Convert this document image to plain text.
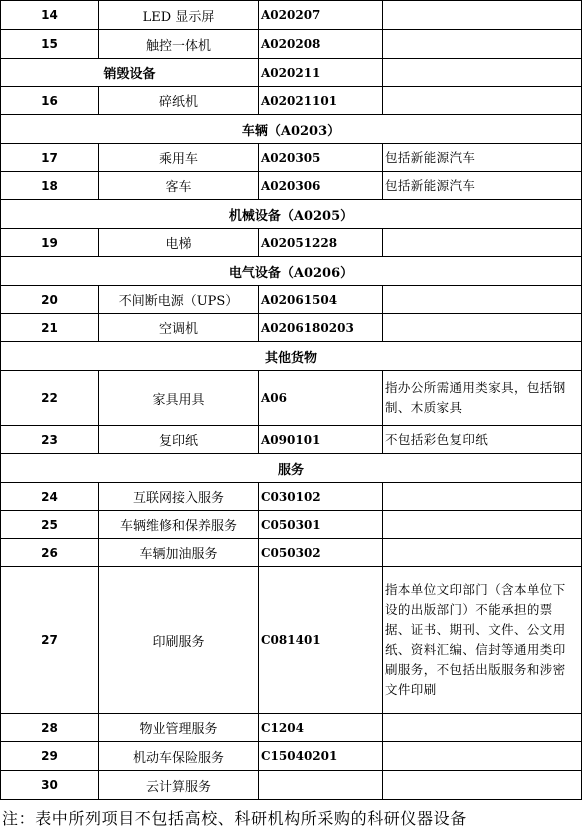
14	LED 显示屏	A020207	
15	触控一体机	A020208	
销毁设备		A020211	
16	碎纸机	A02021101	
车辆（A0203）			
17	乘用车	A020305	包括新能源汽车
18	客车	A020306	包括新能源汽车
机械设备（A0205）			
19	电梯	A02051228	
电气设备（A0206）			
20	不间断电源（UPS）	A02061504	
21	空调机	A0206180203	
其他货物			
22	家具用具	A06	指办公所需通用类家具，包括钢制、木质家具
23	复印纸	A090101	不包括彩色复印纸
服务			
24	互联网接入服务	C030102	
25	车辆维修和保养服务	C050301	
26	车辆加油服务	C050302	
27	印刷服务	C081401	指本单位文印部门（含本单位下设的出版部门）不能承担的票据、证书、期刊、文件、公文用纸、资料汇编、信封等通用类印刷服务，不包括出版服务和涉密文件印刷
28	物业管理服务	C1204	
29	机动车保险服务	C15040201	
30	云计算服务		
注：表中所列项目不包括高校、科研机构所采购的科研仪器设备
